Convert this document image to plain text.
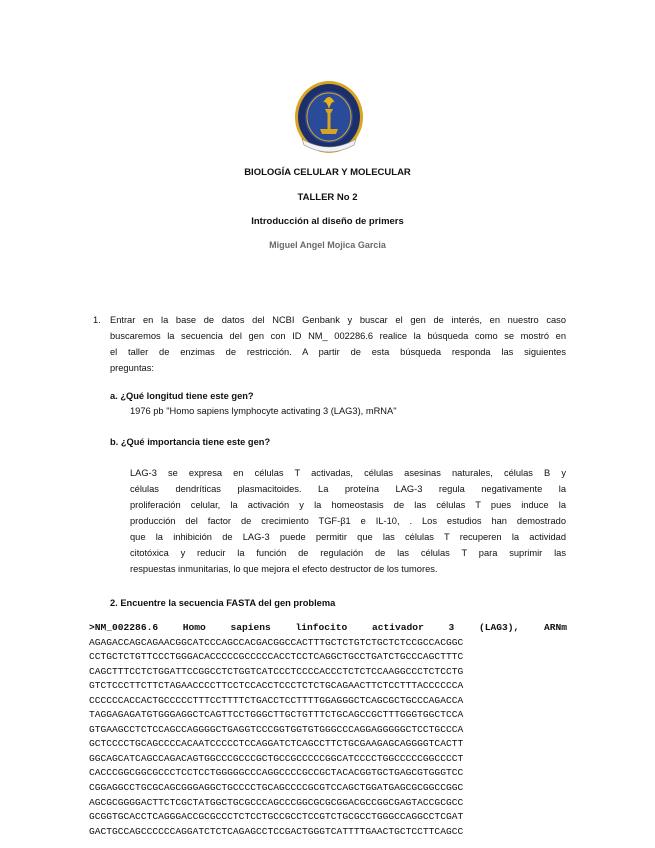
BIOLOGÍA CELULAR Y MOLECULAR
TALLER No 2
Introducción al diseño de primers
Miguel Angel Mojica Garcia
1. Entrar en la base de datos del NCBI Genbank y buscar el gen de interés, en nuestro caso
buscaremos la secuencia del gen con ID NM_ 002286.6 realice la búsqueda como se mostró en
el taller de enzimas de restricción. A partir de esta búsqueda responda las siguientes
preguntas:
a. ¿Qué longitud tiene este gen?
1976 pb "Homo sapiens lymphocyte activating 3 (LAG3), mRNA"
b. ¿Qué importancia tiene este gen?
LAG-3 se expresa en células T activadas, células asesinas naturales, células B y
células dendríticas plasmacitoides. La proteína LAG-3 regula negativamente la
proliferación celular, la activación y la homeostasis de las células T pues induce la
producción del factor de crecimiento TGF-β1 e IL-10, . Los estudios han demostrado
que la inhibición de LAG-3 puede permitir que las células T recuperen la actividad
citotóxica y reducir la función de regulación de las células T para suprimir las
respuestas inmunitarias, lo que mejora el efecto destructor de los tumores.
2. Encuentre la secuencia FASTA del gen problema
>NM_002286.6 Homo sapiens linfocito activador 3 (LAG3), ARNm
AGAGACCAGCAGAACGGCATCCCAGCCACGACGGCCACTTTGCTCTGTCTGCTCTCCGCCACGGC
CCTGCTCTGTTCCCTGGGACACCCCCGCCCCCACCTCCTCAGGCTGCCTGATCTGCCCAGCTTTC
CAGCTTTCCTCTGGATTCCGGCCTCTGGTCATCCCTCCCCACCCTCTCTCCAAGGCCCTCTCCTG
GTCTCCCTTCTTCTAGAACCCCTTCCTCCACCTCCCTCTCTGCAGAACTTCTCCTTTACCCCCCA
CCCCCCACCACTGCCCCCTTTCCTTTTCTGACCTCCTTTTGGAGGGCTCAGCGCTGCCCAGACCA
TAGGAGAGATGTGGGAGGCTCAGTTCCTGGGCTTGCTGTTTCTGCAGCCGCTTTGGGTGGCTCCA
GTGAAGCCTCTCCAGCCAGGGGCTGAGGTCCCGGTGGTGTGGGCCCAGGAGGGGGCTCCTGCCCA
GCTCCCCTGCAGCCCCACAATCCCCCTCCAGGATCTCAGCCTTCTGCGAAGAGCAGGGGTCACTT
GGCAGCATCAGCCAGACAGTGGCCCGCCCGCTGCCGCCCCCGGCATCCCCTGGCCCCCGGCCCCT
CACCCGGCGGCGCCCTCCTCCTGGGGGCCCAGGCCCCGCCGCTACACGGTGCTGAGCGTGGGTCC
CGGAGGCCTGCGCAGCGGGAGGCTGCCCCTGCAGCCCCGCGTCCAGCTGGATGAGCGCGGCCGGC
AGCGCGGGGACTTCTCGCTATGGCTGCGCCCAGCCCGGCGCGCGGACGCCGGCGAGTACCGCGCC
GCGGTGCACCTCAGGGACCGCGCCCTCTCCTGCCGCCTCCGTCTGCGCCTGGGCCAGGCCTCGAT
GACTGCCAGCCCCCCAGGATCTCTCAGAGCCTCCGACTGGGTCATTTTGAACTGCTCCTTCAGCC
